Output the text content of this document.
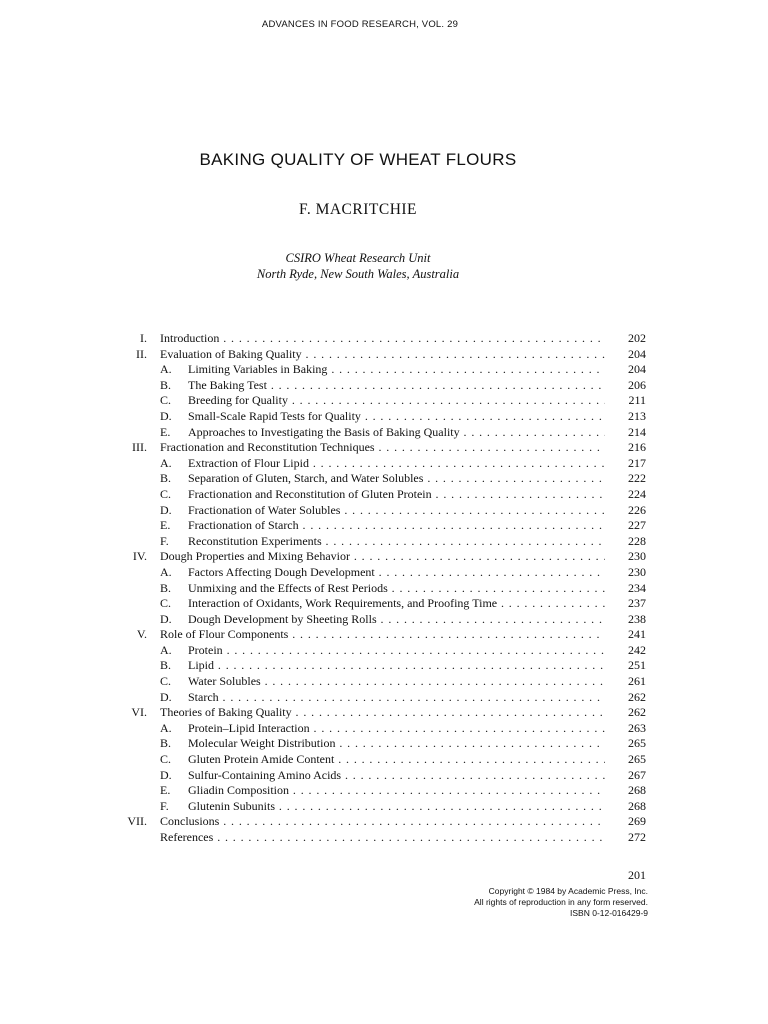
ADVANCES IN FOOD RESEARCH, VOL. 29
BAKING QUALITY OF WHEAT FLOURS
F. MACRITCHIE
CSIRO Wheat Research Unit
North Ryde, New South Wales, Australia
I. Introduction . . .	202
II. Evaluation of Baking Quality . . .	204
A. Limiting Variables in Baking . . .	204
B. The Baking Test . . .	206
C. Breeding for Quality . . .	211
D. Small-Scale Rapid Tests for Quality . . .	213
E. Approaches to Investigating the Basis of Baking Quality . . .	214
III. Fractionation and Reconstitution Techniques . . .	216
A. Extraction of Flour Lipid . . .	217
B. Separation of Gluten, Starch, and Water Solubles . . .	222
C. Fractionation and Reconstitution of Gluten Protein . . .	224
D. Fractionation of Water Solubles . . .	226
E. Fractionation of Starch . . .	227
F. Reconstitution Experiments . . .	228
IV. Dough Properties and Mixing Behavior . . .	230
A. Factors Affecting Dough Development . . .	230
B. Unmixing and the Effects of Rest Periods . . .	234
C. Interaction of Oxidants, Work Requirements, and Proofing Time . . .	237
D. Dough Development by Sheeting Rolls . . .	238
V. Role of Flour Components . . .	241
A. Protein . . .	242
B. Lipid . . .	251
C. Water Solubles . . .	261
D. Starch . . .	262
VI. Theories of Baking Quality . . .	262
A. Protein–Lipid Interaction . . .	263
B. Molecular Weight Distribution . . .	265
C. Gluten Protein Amide Content . . .	265
D. Sulfur-Containing Amino Acids . . .	267
E. Gliadin Composition . . .	268
F. Glutenin Subunits . . .	268
VII. Conclusions . . .	269
References . . .	272
201
Copyright © 1984 by Academic Press, Inc.
All rights of reproduction in any form reserved.
ISBN 0-12-016429-9
